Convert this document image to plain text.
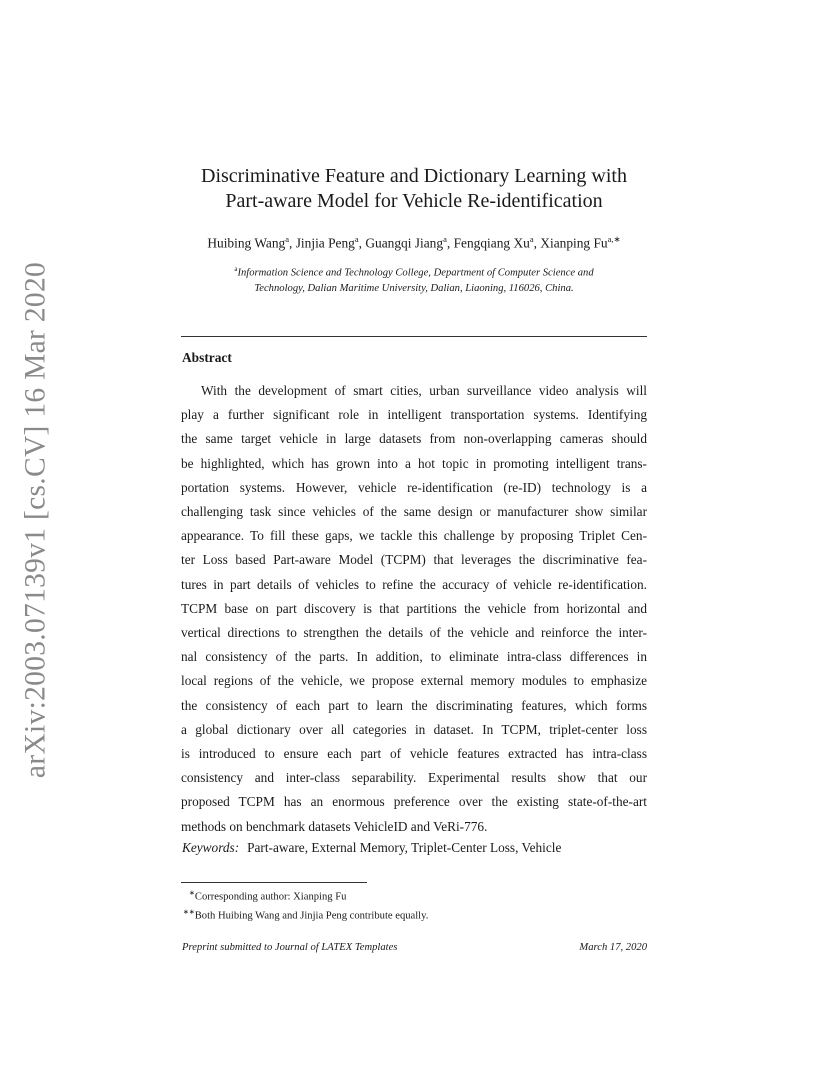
arXiv:2003.07139v1 [cs.CV] 16 Mar 2020
Discriminative Feature and Dictionary Learning with
Part-aware Model for Vehicle Re-identification
Huibing Wang$^a$, Jinjia Peng$^a$, Guangqi Jiang$^a$, Fengqiang Xu$^a$, Xianping $Fu^{a,∗}$
$^a$Information Science and Technology College, Department of Computer Science and
Technology, Dalian Maritime University, Dalian, Liaoning, 116026, China.
Abstract
With the development of smart cities, urban surveillance video analysis will
play a further significant role in intelligent transportation systems. Identifying
the same target vehicle in large datasets from non-overlapping cameras should
be highlighted, which has grown into a hot topic in promoting intelligent trans-
portation systems. However, vehicle re-identification (re-ID) technology is a
challenging task since vehicles of the same design or manufacturer show similar
appearance. To fill these gaps, we tackle this challenge by proposing Triplet Cen-
ter Loss based Part-aware Model (TCPM) that leverages the discriminative fea-
tures in part details of vehicles to refine the accuracy of vehicle re-identification.
TCPM base on part discovery is that partitions the vehicle from horizontal and
vertical directions to strengthen the details of the vehicle and reinforce the inter-
nal consistency of the parts. In addition, to eliminate intra-class differences in
local regions of the vehicle, we propose external memory modules to emphasize
the consistency of each part to learn the discriminating features, which forms
a global dictionary over all categories in dataset. In TCPM, triplet-center loss
is introduced to ensure each part of vehicle features extracted has intra-class
consistency and inter-class separability. Experimental results show that our
proposed TCPM has an enormous preference over the existing state-of-the-art
methods on benchmark datasets VehicleID and VeRi-776.
Keywords: Part-aware, External Memory, Triplet-Center Loss, Vehicle
∗Corresponding author: Xianping Fu
∗∗Both Huibing Wang and Jinjia Peng contribute equally.
Preprint submitted to Journal of LATEX Templates	March 17, 2020
